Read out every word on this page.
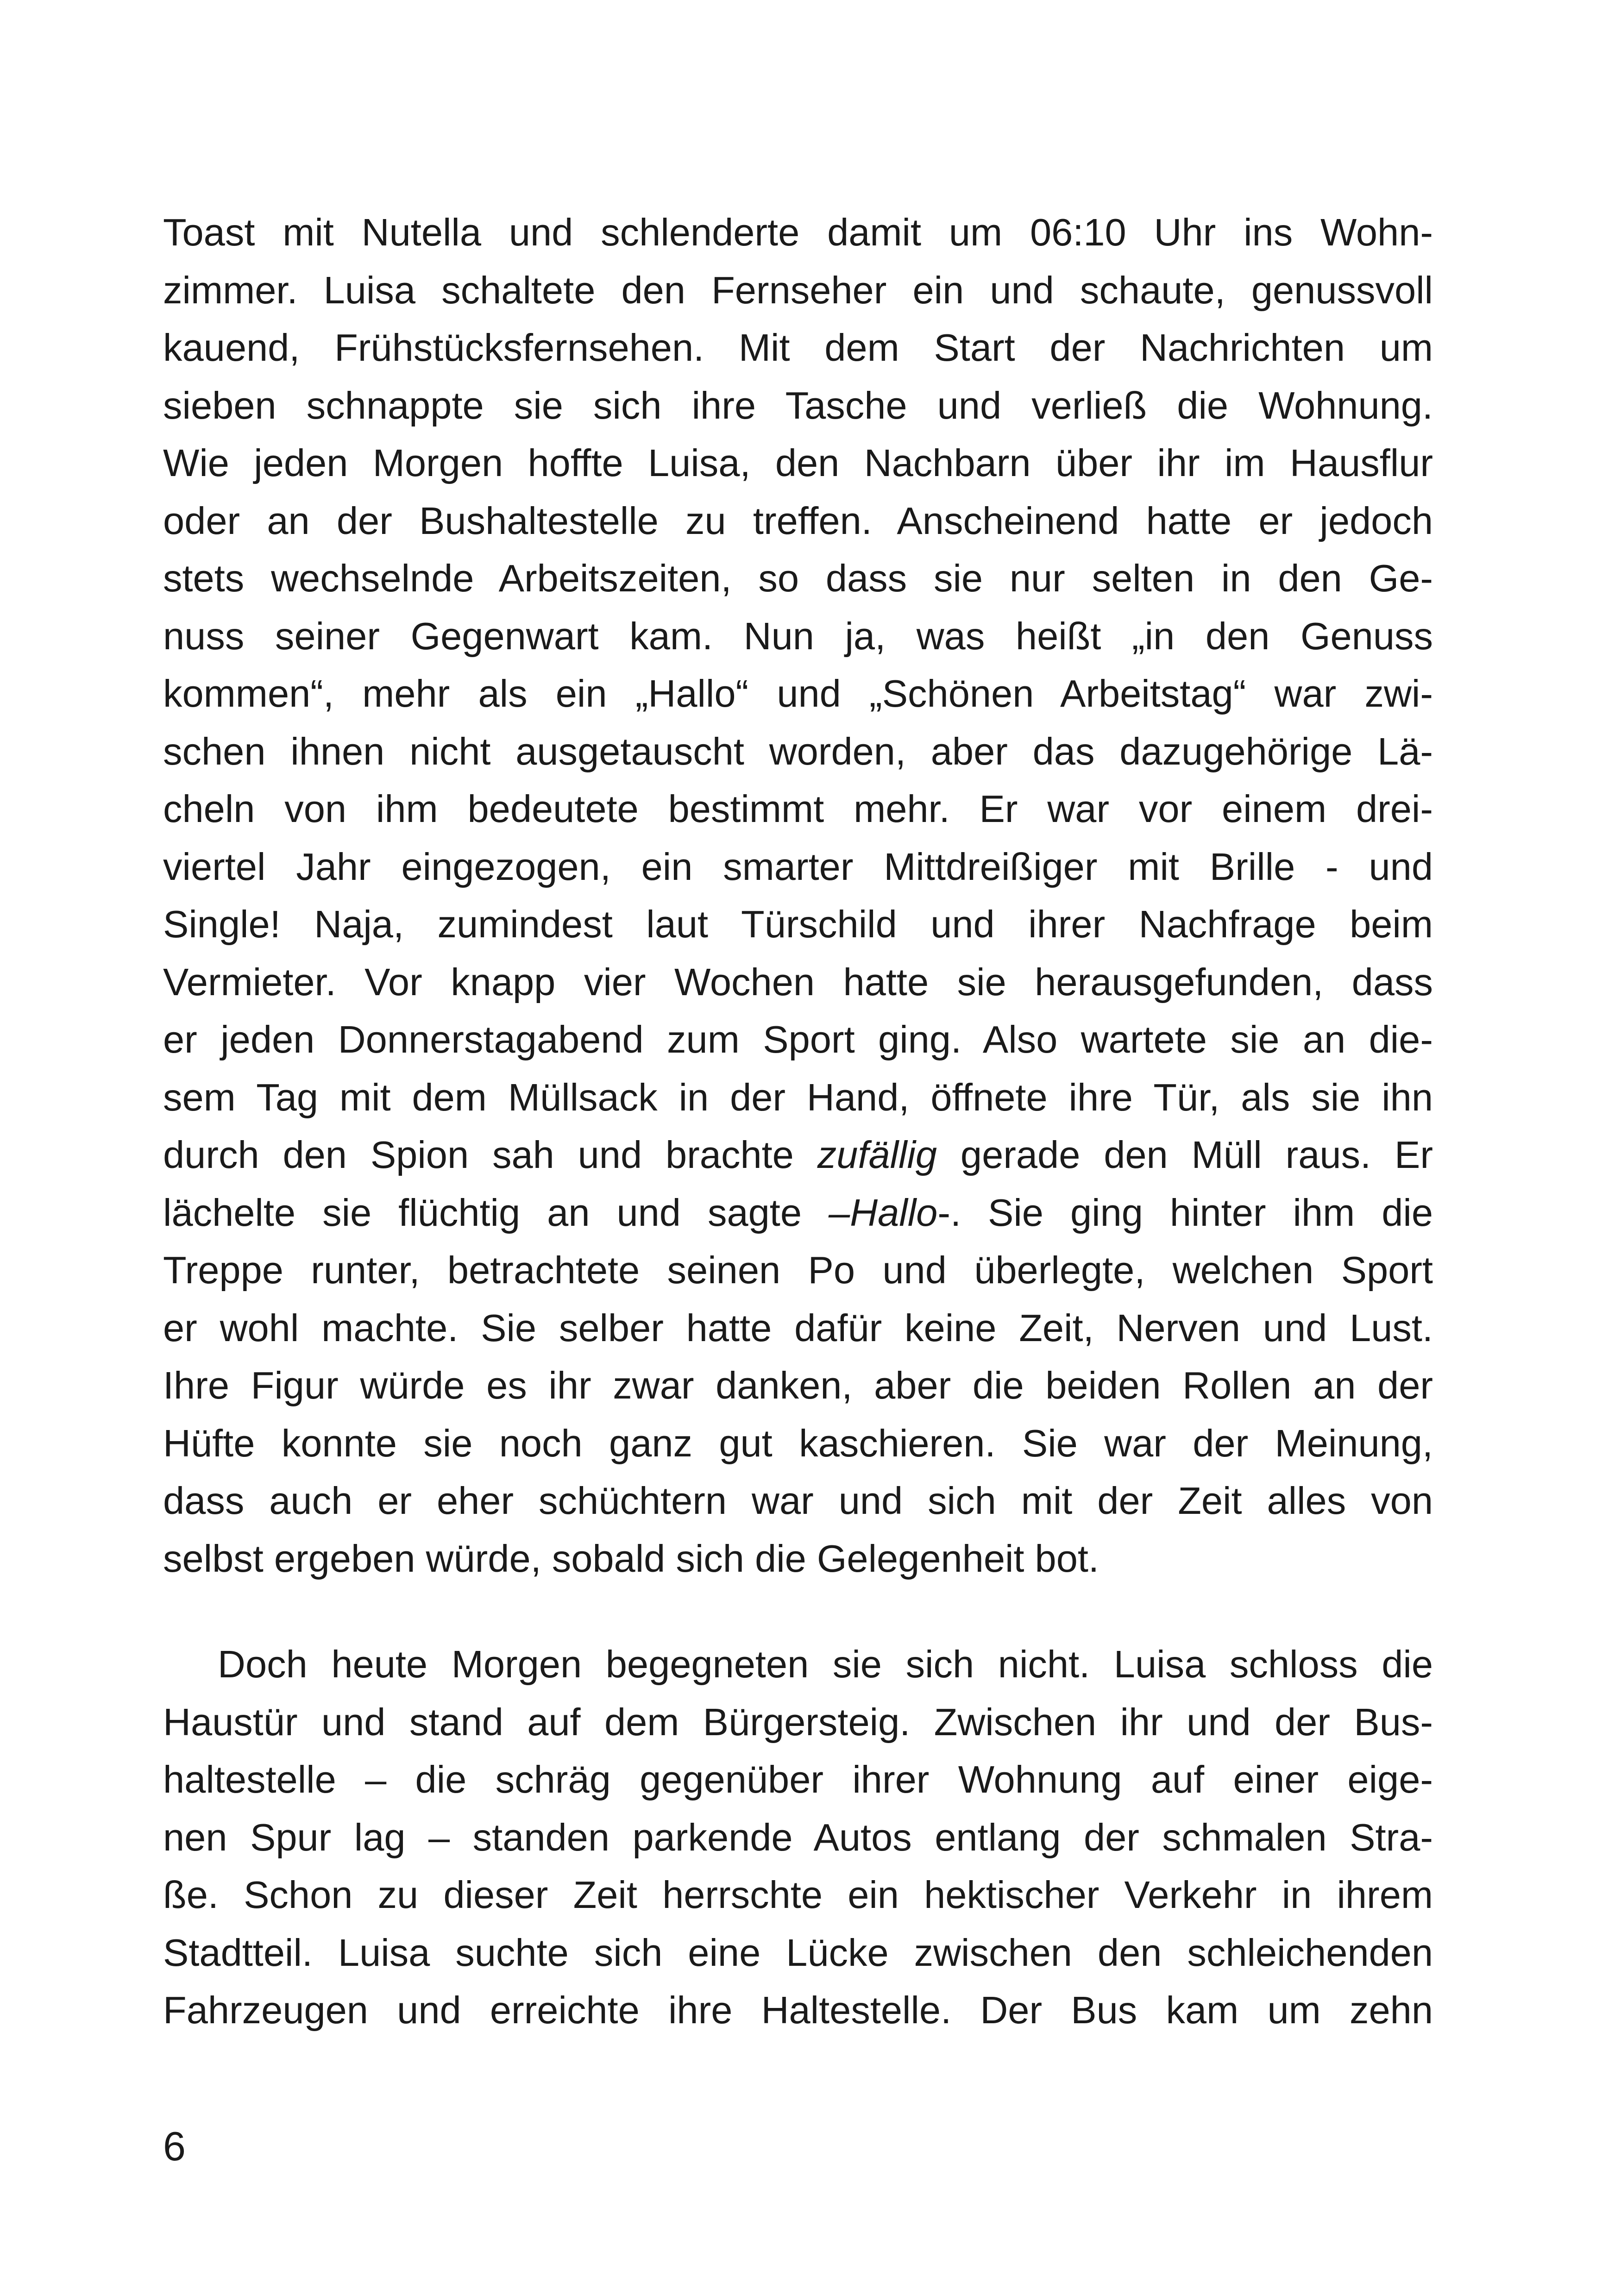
Toast mit Nutella und schlenderte damit um 06:10 Uhr ins Wohn-
zimmer. Luisa schaltete den Fernseher ein und schaute, genussvoll
kauend, Frühstücksfernsehen. Mit dem Start der Nachrichten um
sieben schnappte sie sich ihre Tasche und verließ die Wohnung.
Wie jeden Morgen hoffte Luisa, den Nachbarn über ihr im Hausflur
oder an der Bushaltestelle zu treffen. Anscheinend hatte er jedoch
stets wechselnde Arbeitszeiten, so dass sie nur selten in den Ge-
nuss seiner Gegenwart kam. Nun ja, was heißt „in den Genuss
kommen“, mehr als ein „Hallo“ und „Schönen Arbeitstag“ war zwi-
schen ihnen nicht ausgetauscht worden, aber das dazugehörige Lä-
cheln von ihm bedeutete bestimmt mehr. Er war vor einem drei-
viertel Jahr eingezogen, ein smarter Mittdreißiger mit Brille - und
Single! Naja, zumindest laut Türschild und ihrer Nachfrage beim
Vermieter. Vor knapp vier Wochen hatte sie herausgefunden, dass
er jeden Donnerstagabend zum Sport ging. Also wartete sie an die-
sem Tag mit dem Müllsack in der Hand, öffnete ihre Tür, als sie ihn
durch den Spion sah und brachte zufällig gerade den Müll raus. Er
lächelte sie flüchtig an und sagte –Hallo-. Sie ging hinter ihm die
Treppe runter, betrachtete seinen Po und überlegte, welchen Sport
er wohl machte. Sie selber hatte dafür keine Zeit, Nerven und Lust.
Ihre Figur würde es ihr zwar danken, aber die beiden Rollen an der
Hüfte konnte sie noch ganz gut kaschieren. Sie war der Meinung,
dass auch er eher schüchtern war und sich mit der Zeit alles von
selbst ergeben würde, sobald sich die Gelegenheit bot.
Doch heute Morgen begegneten sie sich nicht. Luisa schloss die
Haustür und stand auf dem Bürgersteig. Zwischen ihr und der Bus-
haltestelle – die schräg gegenüber ihrer Wohnung auf einer eige-
nen Spur lag – standen parkende Autos entlang der schmalen Stra-
ße. Schon zu dieser Zeit herrschte ein hektischer Verkehr in ihrem
Stadtteil. Luisa suchte sich eine Lücke zwischen den schleichenden
Fahrzeugen und erreichte ihre Haltestelle. Der Bus kam um zehn
6
